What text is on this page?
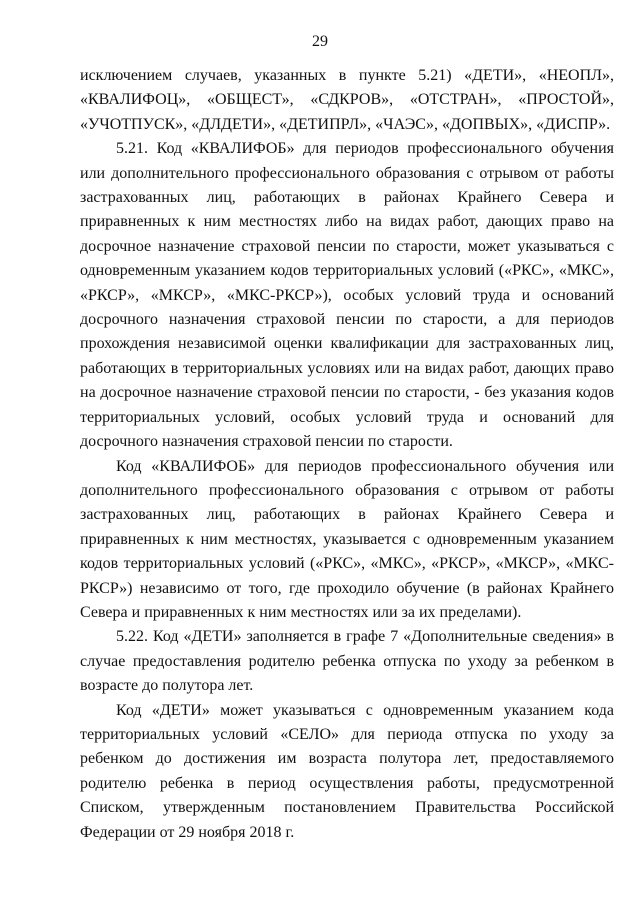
29

исключением случаев, указанных в пункте 5.21) «ДЕТИ», «НЕОПЛ», «КВАЛИФОЦ», «ОБЩЕСТ», «СДКРОВ», «ОТСТРАН», «ПРОСТОЙ», «УЧОТПУСК», «ДЛДЕТИ», «ДЕТИПРЛ», «ЧАЭС», «ДОПВЫХ», «ДИСПР».

5.21. Код «КВАЛИФОБ» для периодов профессионального обучения или дополнительного профессионального образования с отрывом от работы застрахованных лиц, работающих в районах Крайнего Севера и приравненных к ним местностях либо на видах работ, дающих право на досрочное назначение страховой пенсии по старости, может указываться с одновременным указанием кодов территориальных условий («РКС», «МКС», «РКСР», «МКСР», «МКС-РКСР»), особых условий труда и оснований досрочного назначения страховой пенсии по старости, а для периодов прохождения независимой оценки квалификации для застрахованных лиц, работающих в территориальных условиях или на видах работ, дающих право на досрочное назначение страховой пенсии по старости, - без указания кодов территориальных условий, особых условий труда и оснований для досрочного назначения страховой пенсии по старости.

Код «КВАЛИФОБ» для периодов профессионального обучения или дополнительного профессионального образования с отрывом от работы застрахованных лиц, работающих в районах Крайнего Севера и приравненных к ним местностях, указывается с одновременным указанием кодов территориальных условий («РКС», «МКС», «РКСР», «МКСР», «МКС-РКСР») независимо от того, где проходило обучение (в районах Крайнего Севера и приравненных к ним местностях или за их пределами).

5.22. Код «ДЕТИ» заполняется в графе 7 «Дополнительные сведения» в случае предоставления родителю ребенка отпуска по уходу за ребенком в возрасте до полутора лет.

Код «ДЕТИ» может указываться с одновременным указанием кода территориальных условий «СЕЛО» для периода отпуска по уходу за ребенком до достижения им возраста полутора лет, предоставляемого родителю ребенка в период осуществления работы, предусмотренной Списком, утвержденным постановлением Правительства Российской Федерации от 29 ноября 2018 г.
